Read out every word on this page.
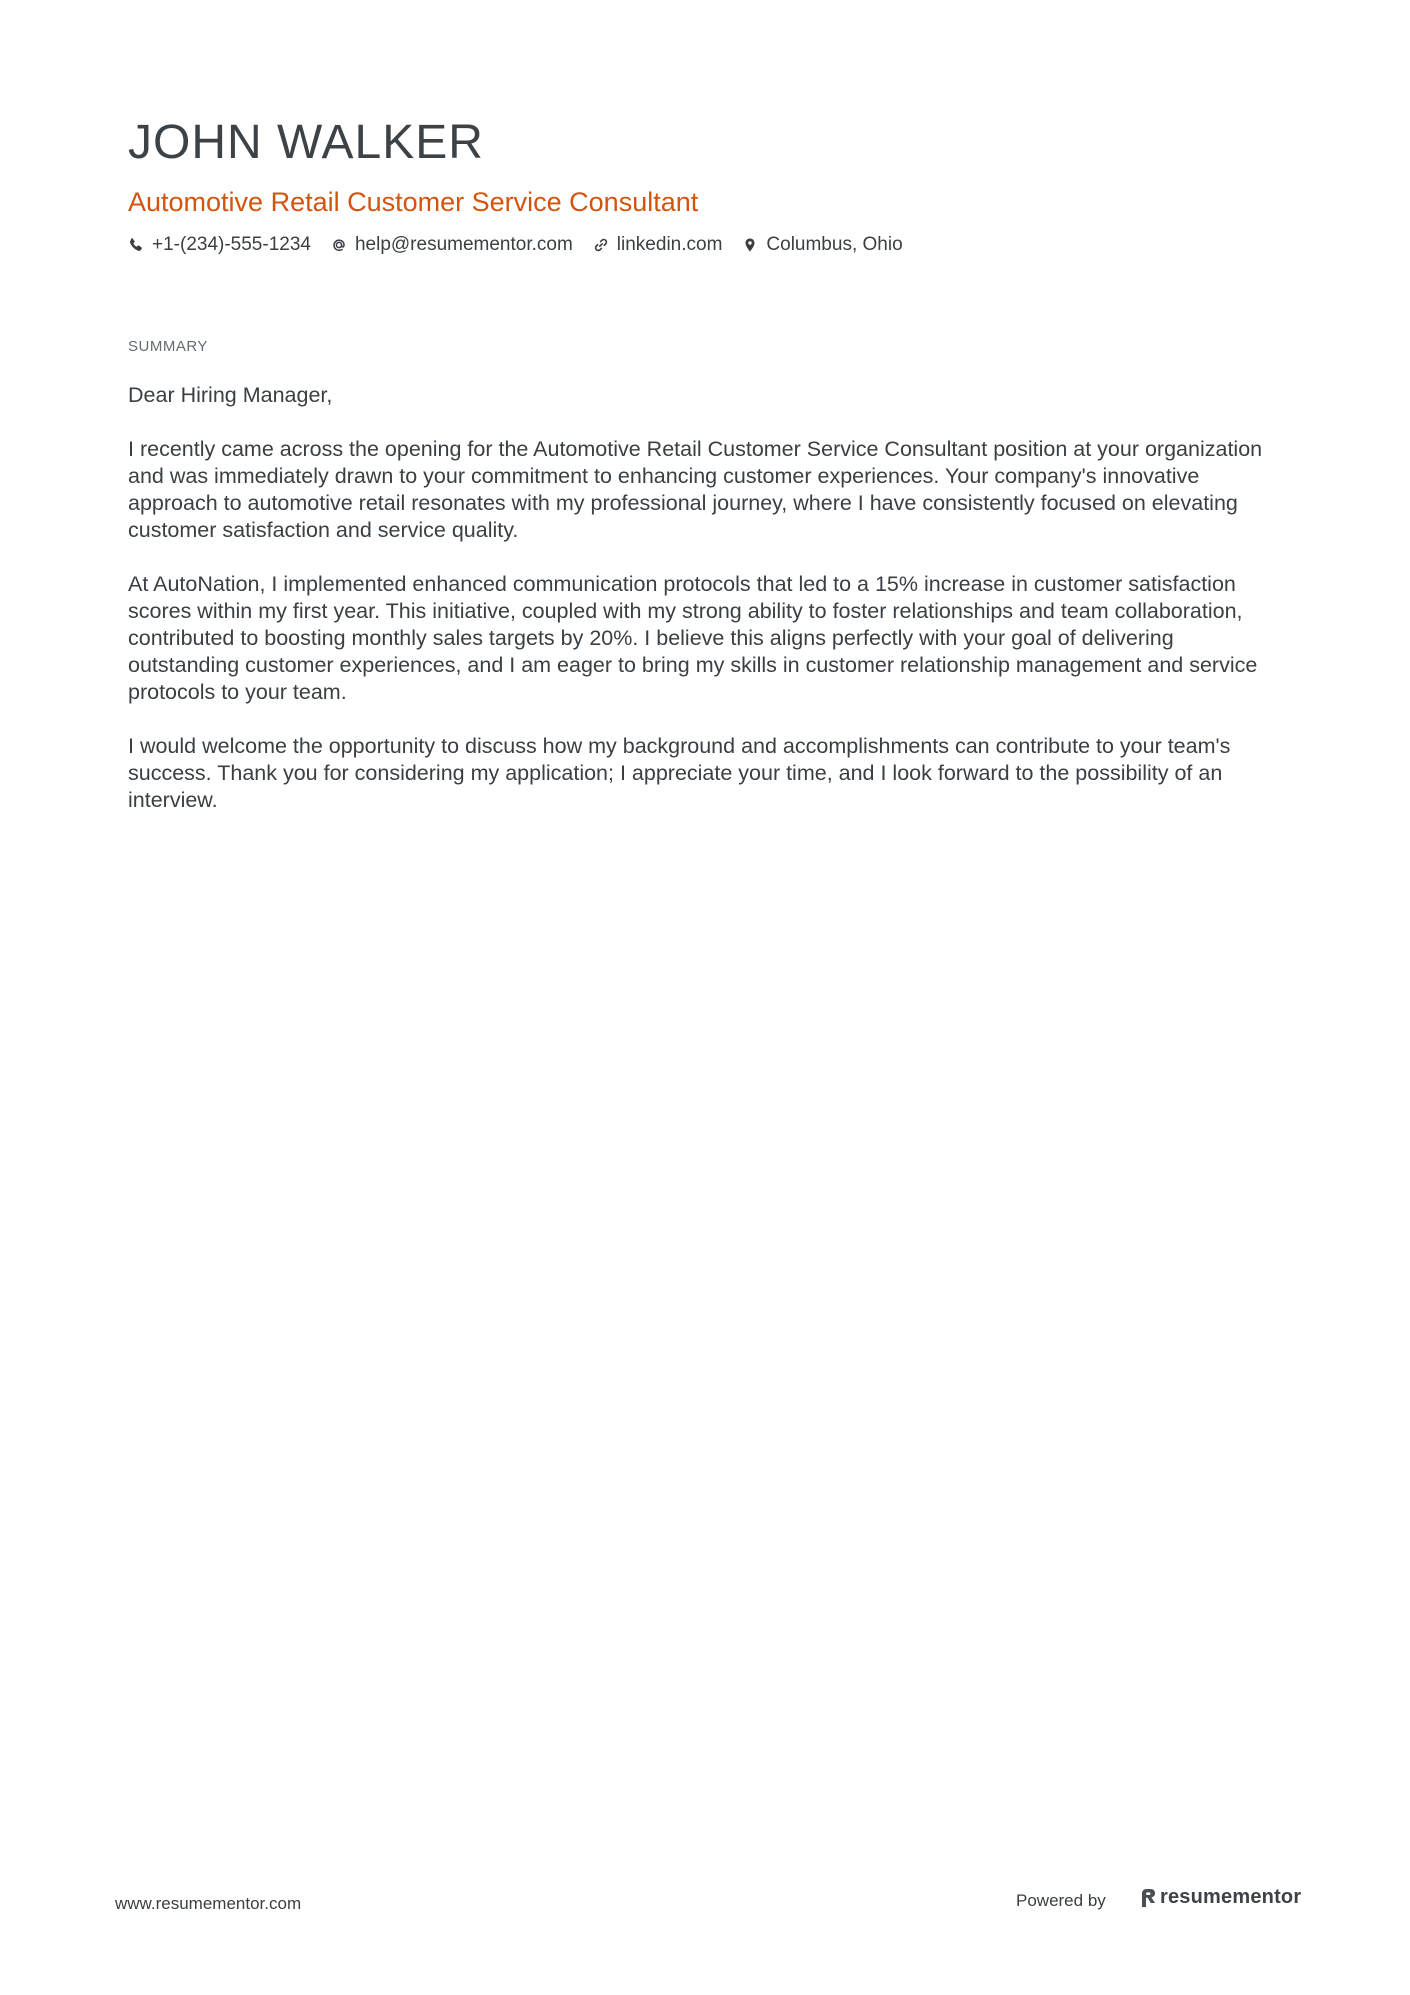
JOHN WALKER
Automotive Retail Customer Service Consultant
+1-(234)-555-1234 help@resumementor.com linkedin.com Columbus, Ohio
SUMMARY

Dear Hiring Manager,

I recently came across the opening for the Automotive Retail Customer Service Consultant position at your organization and was immediately drawn to your commitment to enhancing customer experiences. Your company's innovative approach to automotive retail resonates with my professional journey, where I have consistently focused on elevating customer satisfaction and service quality.

At AutoNation, I implemented enhanced communication protocols that led to a 15% increase in customer satisfaction scores within my first year. This initiative, coupled with my strong ability to foster relationships and team collaboration, contributed to boosting monthly sales targets by 20%. I believe this aligns perfectly with your goal of delivering outstanding customer experiences, and I am eager to bring my skills in customer relationship management and service protocols to your team.

I would welcome the opportunity to discuss how my background and accomplishments can contribute to your team's success. Thank you for considering my application; I appreciate your time, and I look forward to the possibility of an interview.

www.resumementor.com	Powered by	resumementor
